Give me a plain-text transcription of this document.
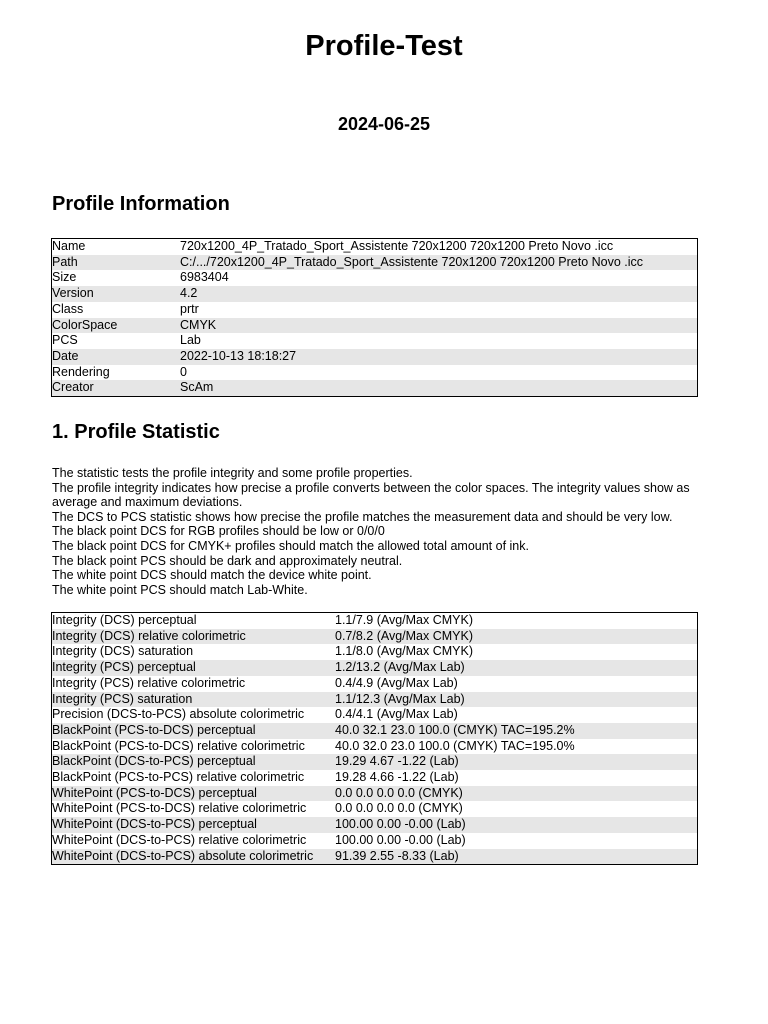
Profile-Test
2024-06-25
Profile Information
Name	720x1200_4P_Tratado_Sport_Assistente 720x1200 720x1200 Preto Novo .icc
Path	C:/.../720x1200_4P_Tratado_Sport_Assistente 720x1200 720x1200 Preto Novo .icc
Size	6983404
Version	4.2
Class	prtr
ColorSpace	CMYK
PCS	Lab
Date	2022-10-13 18:18:27
Rendering	0
Creator	ScAm
1. Profile Statistic
The statistic tests the profile integrity and some profile properties.
The profile integrity indicates how precise a profile converts between the color spaces. The integrity values show as average and maximum deviations.
The DCS to PCS statistic shows how precise the profile matches the measurement data and should be very low.
The black point DCS for RGB profiles should be low or 0/0/0
The black point DCS for CMYK+ profiles should match the allowed total amount of ink.
The black point PCS should be dark and approximately neutral.
The white point DCS should match the device white point.
The white point PCS should match Lab-White.
Integrity (DCS) perceptual	1.1/7.9 (Avg/Max CMYK)
Integrity (DCS) relative colorimetric	0.7/8.2 (Avg/Max CMYK)
Integrity (DCS) saturation	1.1/8.0 (Avg/Max CMYK)
Integrity (PCS) perceptual	1.2/13.2 (Avg/Max Lab)
Integrity (PCS) relative colorimetric	0.4/4.9 (Avg/Max Lab)
Integrity (PCS) saturation	1.1/12.3 (Avg/Max Lab)
Precision (DCS-to-PCS) absolute colorimetric	0.4/4.1 (Avg/Max Lab)
BlackPoint (PCS-to-DCS) perceptual	40.0 32.1 23.0 100.0 (CMYK) TAC=195.2%
BlackPoint (PCS-to-DCS) relative colorimetric	40.0 32.0 23.0 100.0 (CMYK) TAC=195.0%
BlackPoint (DCS-to-PCS) perceptual	19.29 4.67 -1.22 (Lab)
BlackPoint (PCS-to-PCS) relative colorimetric	19.28 4.66 -1.22 (Lab)
WhitePoint (PCS-to-DCS) perceptual	0.0 0.0 0.0 0.0 (CMYK)
WhitePoint (PCS-to-DCS) relative colorimetric	0.0 0.0 0.0 0.0 (CMYK)
WhitePoint (DCS-to-PCS) perceptual	100.00 0.00 -0.00 (Lab)
WhitePoint (DCS-to-PCS) relative colorimetric	100.00 0.00 -0.00 (Lab)
WhitePoint (DCS-to-PCS) absolute colorimetric	91.39 2.55 -8.33 (Lab)
